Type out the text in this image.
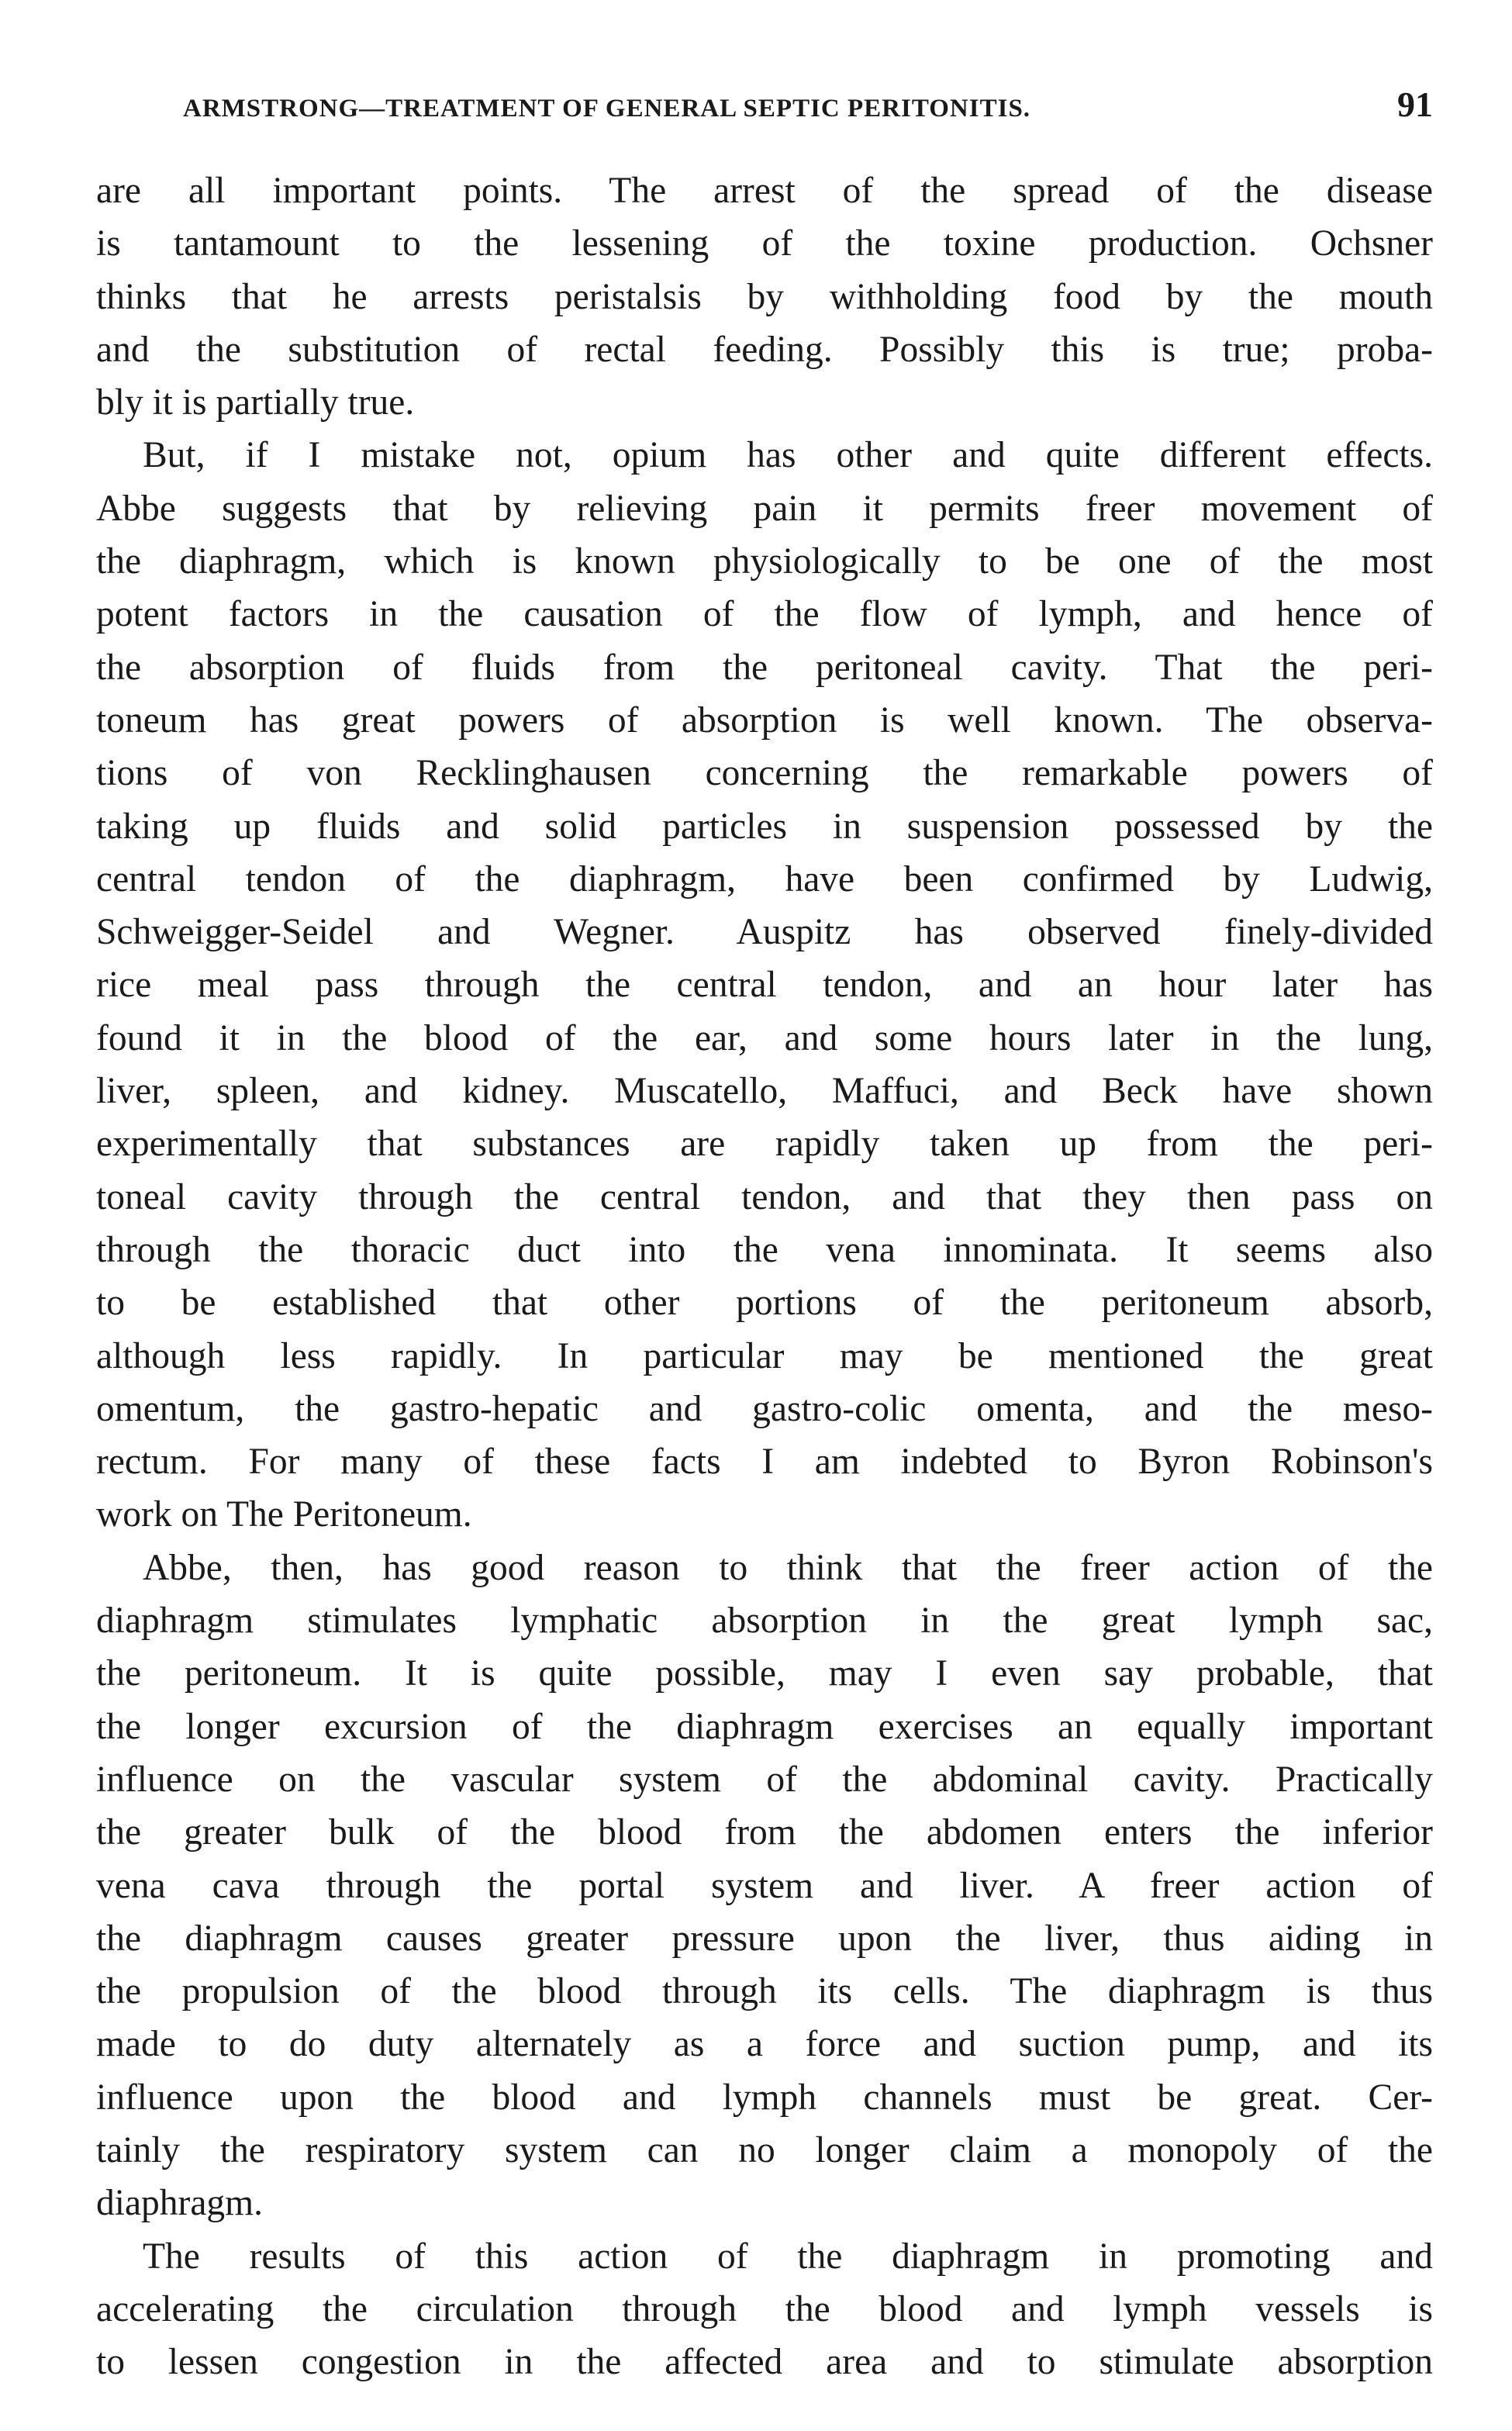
ARMSTRONG—TREATMENT OF GENERAL SEPTIC PERITONITIS.	91
are all important points. The arrest of the spread of the disease
is tantamount to the lessening of the toxine production. Ochsner
thinks that he arrests peristalsis by withholding food by the mouth
and the substitution of rectal feeding. Possibly this is true; proba-
bly it is partially true.
But, if I mistake not, opium has other and quite different effects.
Abbe suggests that by relieving pain it permits freer movement of
the diaphragm, which is known physiologically to be one of the most
potent factors in the causation of the flow of lymph, and hence of
the absorption of fluids from the peritoneal cavity. That the peri-
toneum has great powers of absorption is well known. The observa-
tions of von Recklinghausen concerning the remarkable powers of
taking up fluids and solid particles in suspension possessed by the
central tendon of the diaphragm, have been confirmed by Ludwig,
Schweigger-Seidel and Wegner. Auspitz has observed finely-divided
rice meal pass through the central tendon, and an hour later has
found it in the blood of the ear, and some hours later in the lung,
liver, spleen, and kidney. Muscatello, Maffuci, and Beck have shown
experimentally that substances are rapidly taken up from the peri-
toneal cavity through the central tendon, and that they then pass on
through the thoracic duct into the vena innominata. It seems also
to be established that other portions of the peritoneum absorb,
although less rapidly. In particular may be mentioned the great
omentum, the gastro-hepatic and gastro-colic omenta, and the meso-
rectum. For many of these facts I am indebted to Byron Robinson's
work on The Peritoneum.
Abbe, then, has good reason to think that the freer action of the
diaphragm stimulates lymphatic absorption in the great lymph sac,
the peritoneum. It is quite possible, may I even say probable, that
the longer excursion of the diaphragm exercises an equally important
influence on the vascular system of the abdominal cavity. Practically
the greater bulk of the blood from the abdomen enters the inferior
vena cava through the portal system and liver. A freer action of
the diaphragm causes greater pressure upon the liver, thus aiding in
the propulsion of the blood through its cells. The diaphragm is thus
made to do duty alternately as a force and suction pump, and its
influence upon the blood and lymph channels must be great. Cer-
tainly the respiratory system can no longer claim a monopoly of the
diaphragm.
The results of this action of the diaphragm in promoting and
accelerating the circulation through the blood and lymph vessels is
to lessen congestion in the affected area and to stimulate absorption
